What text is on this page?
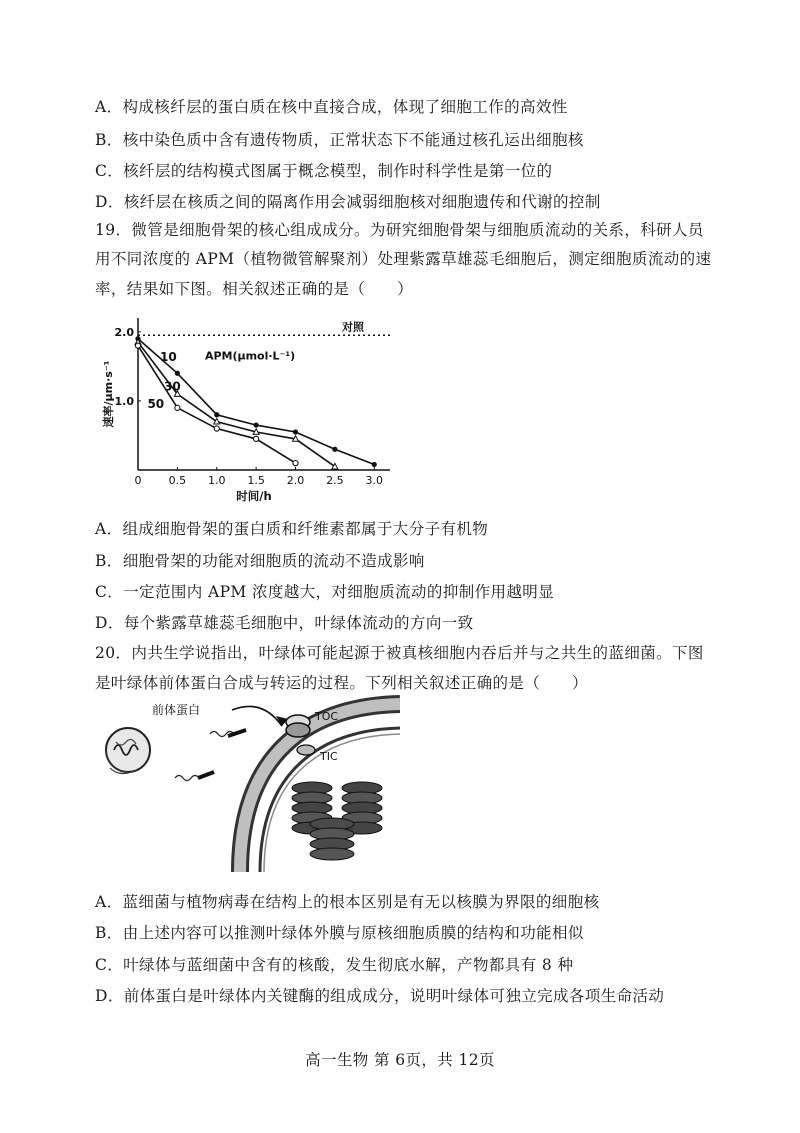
A．构成核纤层的蛋白质在核中直接合成，体现了细胞工作的高效性
B．核中染色质中含有遗传物质，正常状态下不能通过核孔运出细胞核
C．核纤层的结构模式图属于概念模型，制作时科学性是第一位的
D．核纤层在核质之间的隔离作用会减弱细胞核对细胞遗传和代谢的控制
19．微管是细胞骨架的核心组成成分。为研究细胞骨架与细胞质流动的关系，科研人员
用不同浓度的 APM（植物微管解聚剂）处理紫露草雄蕊毛细胞后，测定细胞质流动的速
率，结果如下图。相关叙述正确的是（　　）
0 0.5 1.0 1.5 2.0 2.5 3.0
1.0
2.0
时间/h
速率/μm·s⁻¹
对照
10
30
50
APM(μmol·L⁻¹)
A．组成细胞骨架的蛋白质和纤维素都属于大分子有机物
B．细胞骨架的功能对细胞质的流动不造成影响
C．一定范围内 APM 浓度越大，对细胞质流动的抑制作用越明显
D．每个紫露草雄蕊毛细胞中，叶绿体流动的方向一致
20．内共生学说指出，叶绿体可能起源于被真核细胞内吞后并与之共生的蓝细菌。下图
是叶绿体前体蛋白合成与转运的过程。下列相关叙述正确的是（　　）
前体蛋白	TOC
TIC
A．蓝细菌与植物病毒在结构上的根本区别是有无以核膜为界限的细胞核
B．由上述内容可以推测叶绿体外膜与原核细胞质膜的结构和功能相似
C．叶绿体与蓝细菌中含有的核酸，发生彻底水解，产物都具有 8 种
D．前体蛋白是叶绿体内关键酶的组成成分，说明叶绿体可独立完成各项生命活动
高一生物 第 6页，共 12页
